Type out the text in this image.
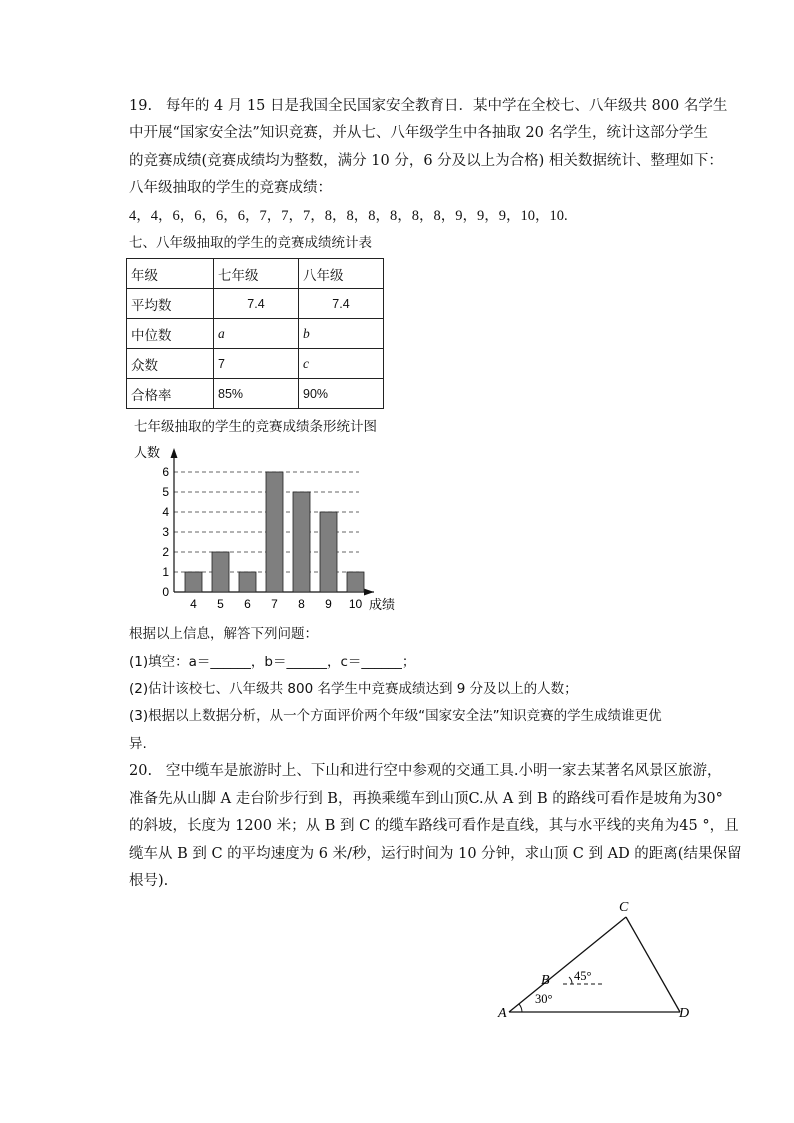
19. 每年的 4 月 15 日是我国全民国家安全教育日．某中学在全校七、八年级共 800 名学生
中开展“国家安全法”知识竞赛，并从七、八年级学生中各抽取 20 名学生，统计这部分学生
的竞赛成绩(竞赛成绩均为整数，满分 10 分，6 分及以上为合格) 相关数据统计、整理如下：
八年级抽取的学生的竞赛成绩：
4，4，6，6，6，6，7，7，7，8，8，8，8，8，8，9，9，9，10，10.
七、八年级抽取的学生的竞赛成绩统计表
年级	七年级	八年级
平均数	7.4	7.4
中位数	a	b
众数	7	c
合格率	85%	90%
七年级抽取的学生的竞赛成绩条形统计图
0
1
2
3
4
5
6
人数
成绩
4 5 6 7 8 9 10
根据以上信息，解答下列问题：
(1)填空：a＝______，b＝______，c＝______；
(2)估计该校七、八年级共 800 名学生中竞赛成绩达到 9 分及以上的人数；
(3)根据以上数据分析，从一个方面评价两个年级“国家安全法”知识竞赛的学生成绩谁更优
异.
20. 空中缆车是旅游时上、下山和进行空中参观的交通工具.小明一家去某著名风景区旅游，
准备先从山脚 A 走台阶步行到 B，再换乘缆车到山顶C.从 A 到 B 的路线可看作是坡角为30°
的斜坡，长度为 1200 米；从 B 到 C 的缆车路线可看作是直线，其与水平线的夹角为45 °，且
缆车从 B 到 C 的平均速度为 6 米/秒，运行时间为 10 分钟，求山顶 C 到 AD 的距离(结果保留
根号).
A
B
C
D
30°
45°
